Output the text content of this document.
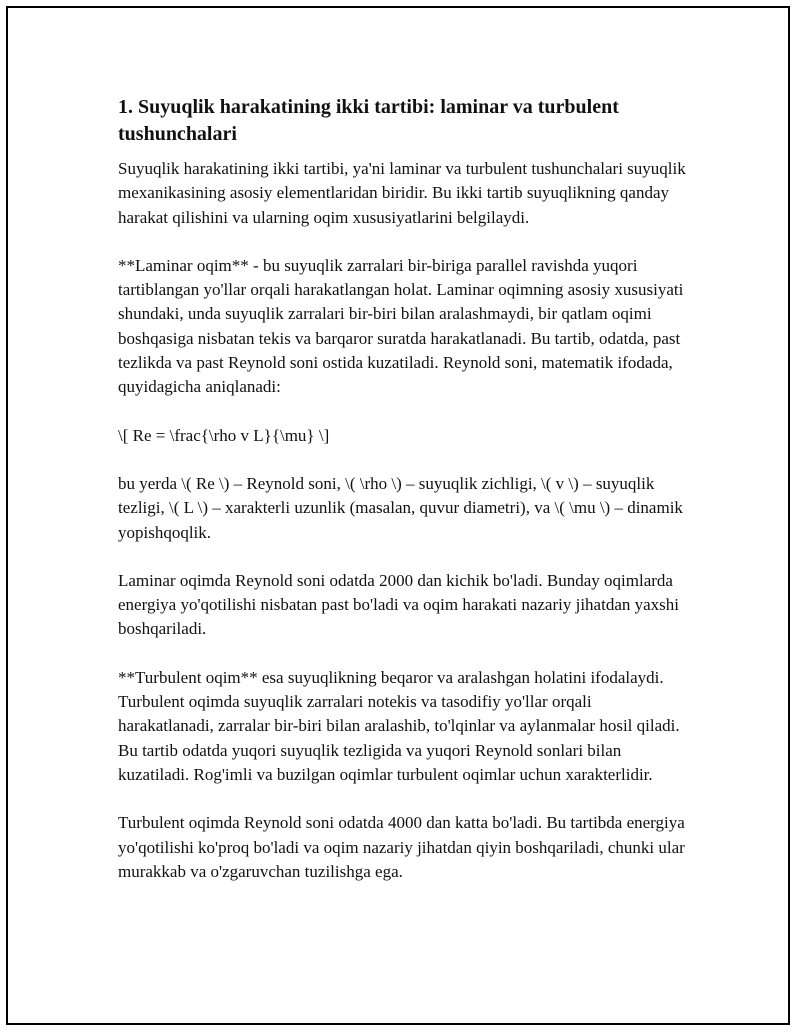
1. Suyuqlik harakatining ikki tartibi: laminar va turbulent tushunchalari

Suyuqlik harakatining ikki tartibi, ya'ni laminar va turbulent tushunchalari suyuqlik mexanikasining asosiy elementlaridan biridir. Bu ikki tartib suyuqlikning qanday harakat qilishini va ularning oqim xususiyatlarini belgilaydi.

**Laminar oqim** - bu suyuqlik zarralari bir-biriga parallel ravishda yuqori tartiblangan yo'llar orqali harakatlangan holat. Laminar oqimning asosiy xususiyati shundaki, unda suyuqlik zarralari bir-biri bilan aralashmaydi, bir qatlam oqimi boshqasiga nisbatan tekis va barqaror suratda harakatlanadi. Bu tartib, odatda, past tezlikda va past Reynold soni ostida kuzatiladi. Reynold soni, matematik ifodada, quyidagicha aniqlanadi:

\[ Re = \frac{\rho v L}{\mu} \]

bu yerda \( Re \) – Reynold soni, \( \rho \) – suyuqlik zichligi, \( v \) – suyuqlik tezligi, \( L \) – xarakterli uzunlik (masalan, quvur diametri), va \( \mu \) – dinamik yopishqoqlik.

Laminar oqimda Reynold soni odatda 2000 dan kichik bo'ladi. Bunday oqimlarda energiya yo'qotilishi nisbatan past bo'ladi va oqim harakati nazariy jihatdan yaxshi boshqariladi.

**Turbulent oqim** esa suyuqlikning beqaror va aralashgan holatini ifodalaydi. Turbulent oqimda suyuqlik zarralari notekis va tasodifiy yo'llar orqali harakatlanadi, zarralar bir-biri bilan aralashib, to'lqinlar va aylanmalar hosil qiladi. Bu tartib odatda yuqori suyuqlik tezligida va yuqori Reynold sonlari bilan kuzatiladi. Rog'imli va buzilgan oqimlar turbulent oqimlar uchun xarakterlidir.

Turbulent oqimda Reynold soni odatda 4000 dan katta bo'ladi. Bu tartibda energiya yo'qotilishi ko'proq bo'ladi va oqim nazariy jihatdan qiyin boshqariladi, chunki ular murakkab va o'zgaruvchan tuzilishga ega.
